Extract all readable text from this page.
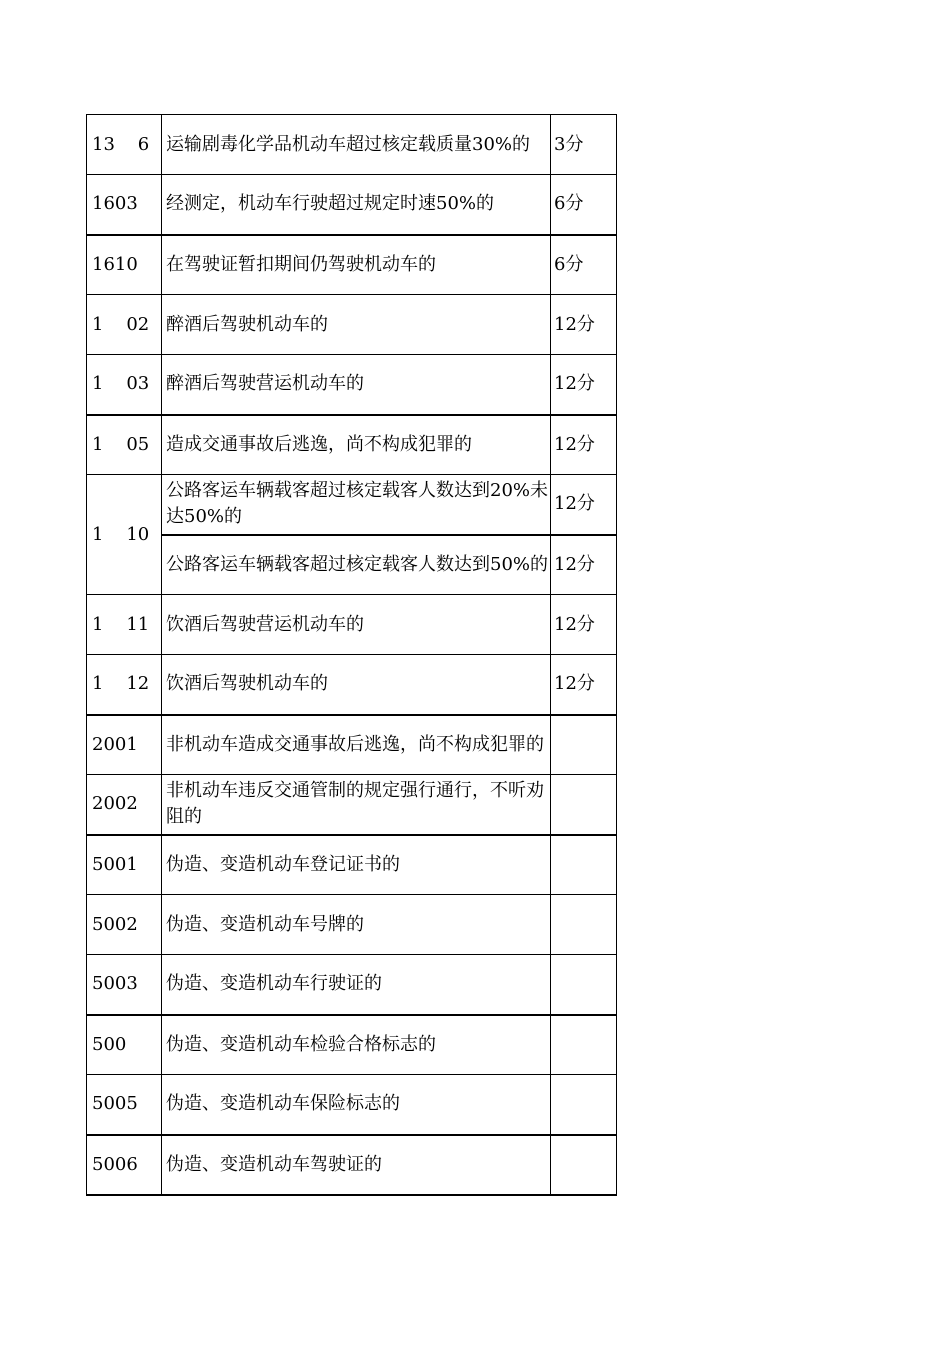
13    6	运输剧毒化学品机动车超过核定载质量30%的	3分
1603	经测定，机动车行驶超过规定时速50%的	6分
1610	在驾驶证暂扣期间仍驾驶机动车的	6分
1    02	醉酒后驾驶机动车的	12分
1    03	醉酒后驾驶营运机动车的	12分
1    05	造成交通事故后逃逸，尚不构成犯罪的	12分
1    10	公路客运车辆载客超过核定载客人数达到20%未达50%的	12分
	公路客运车辆载客超过核定载客人数达到50%的	12分
1    11	饮酒后驾驶营运机动车的	12分
1    12	饮酒后驾驶机动车的	12分
2001	非机动车造成交通事故后逃逸，尚不构成犯罪的	
2002	非机动车违反交通管制的规定强行通行，不听劝阻的	
5001	伪造、变造机动车登记证书的	
5002	伪造、变造机动车号牌的	
5003	伪造、变造机动车行驶证的	
500	伪造、变造机动车检验合格标志的	
5005	伪造、变造机动车保险标志的	
5006	伪造、变造机动车驾驶证的	
